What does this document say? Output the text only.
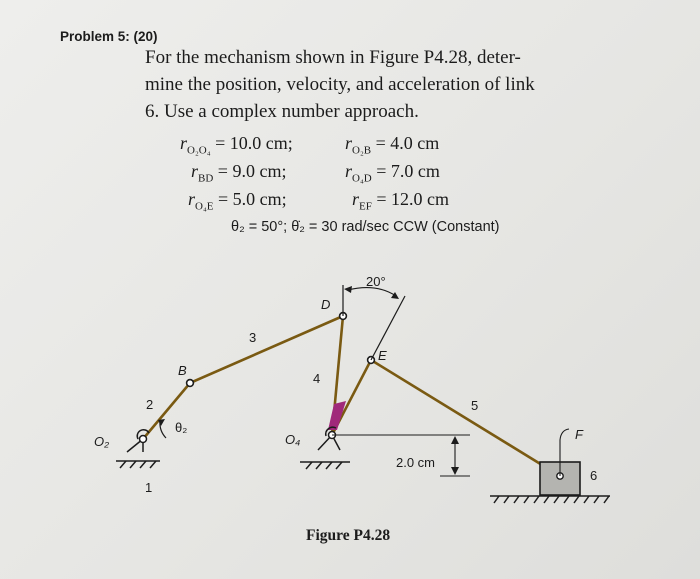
Problem 5: (20)

For the mechanism shown in Figure P4.28, deter-
mine the position, velocity, and acceleration of link
6. Use a complex number approach.

$r_{O_2O_4} = 10.0$ cm;	$r_{O_2B} = 4.0$ cm
$r_{BD} = 9.0$ cm;	$r_{O_4D} = 7.0$ cm
$r_{O_4E} = 5.0$ cm;	$r_{EF} = 12.0$ cm
θ₂ = 50°; θ̇₂ = 30 rad/sec CCW (Constant)
O₂	O₄
B
D
E
F
θ₂
20°
2.0 cm
1
2
3
4
5
6
Figure P4.28
